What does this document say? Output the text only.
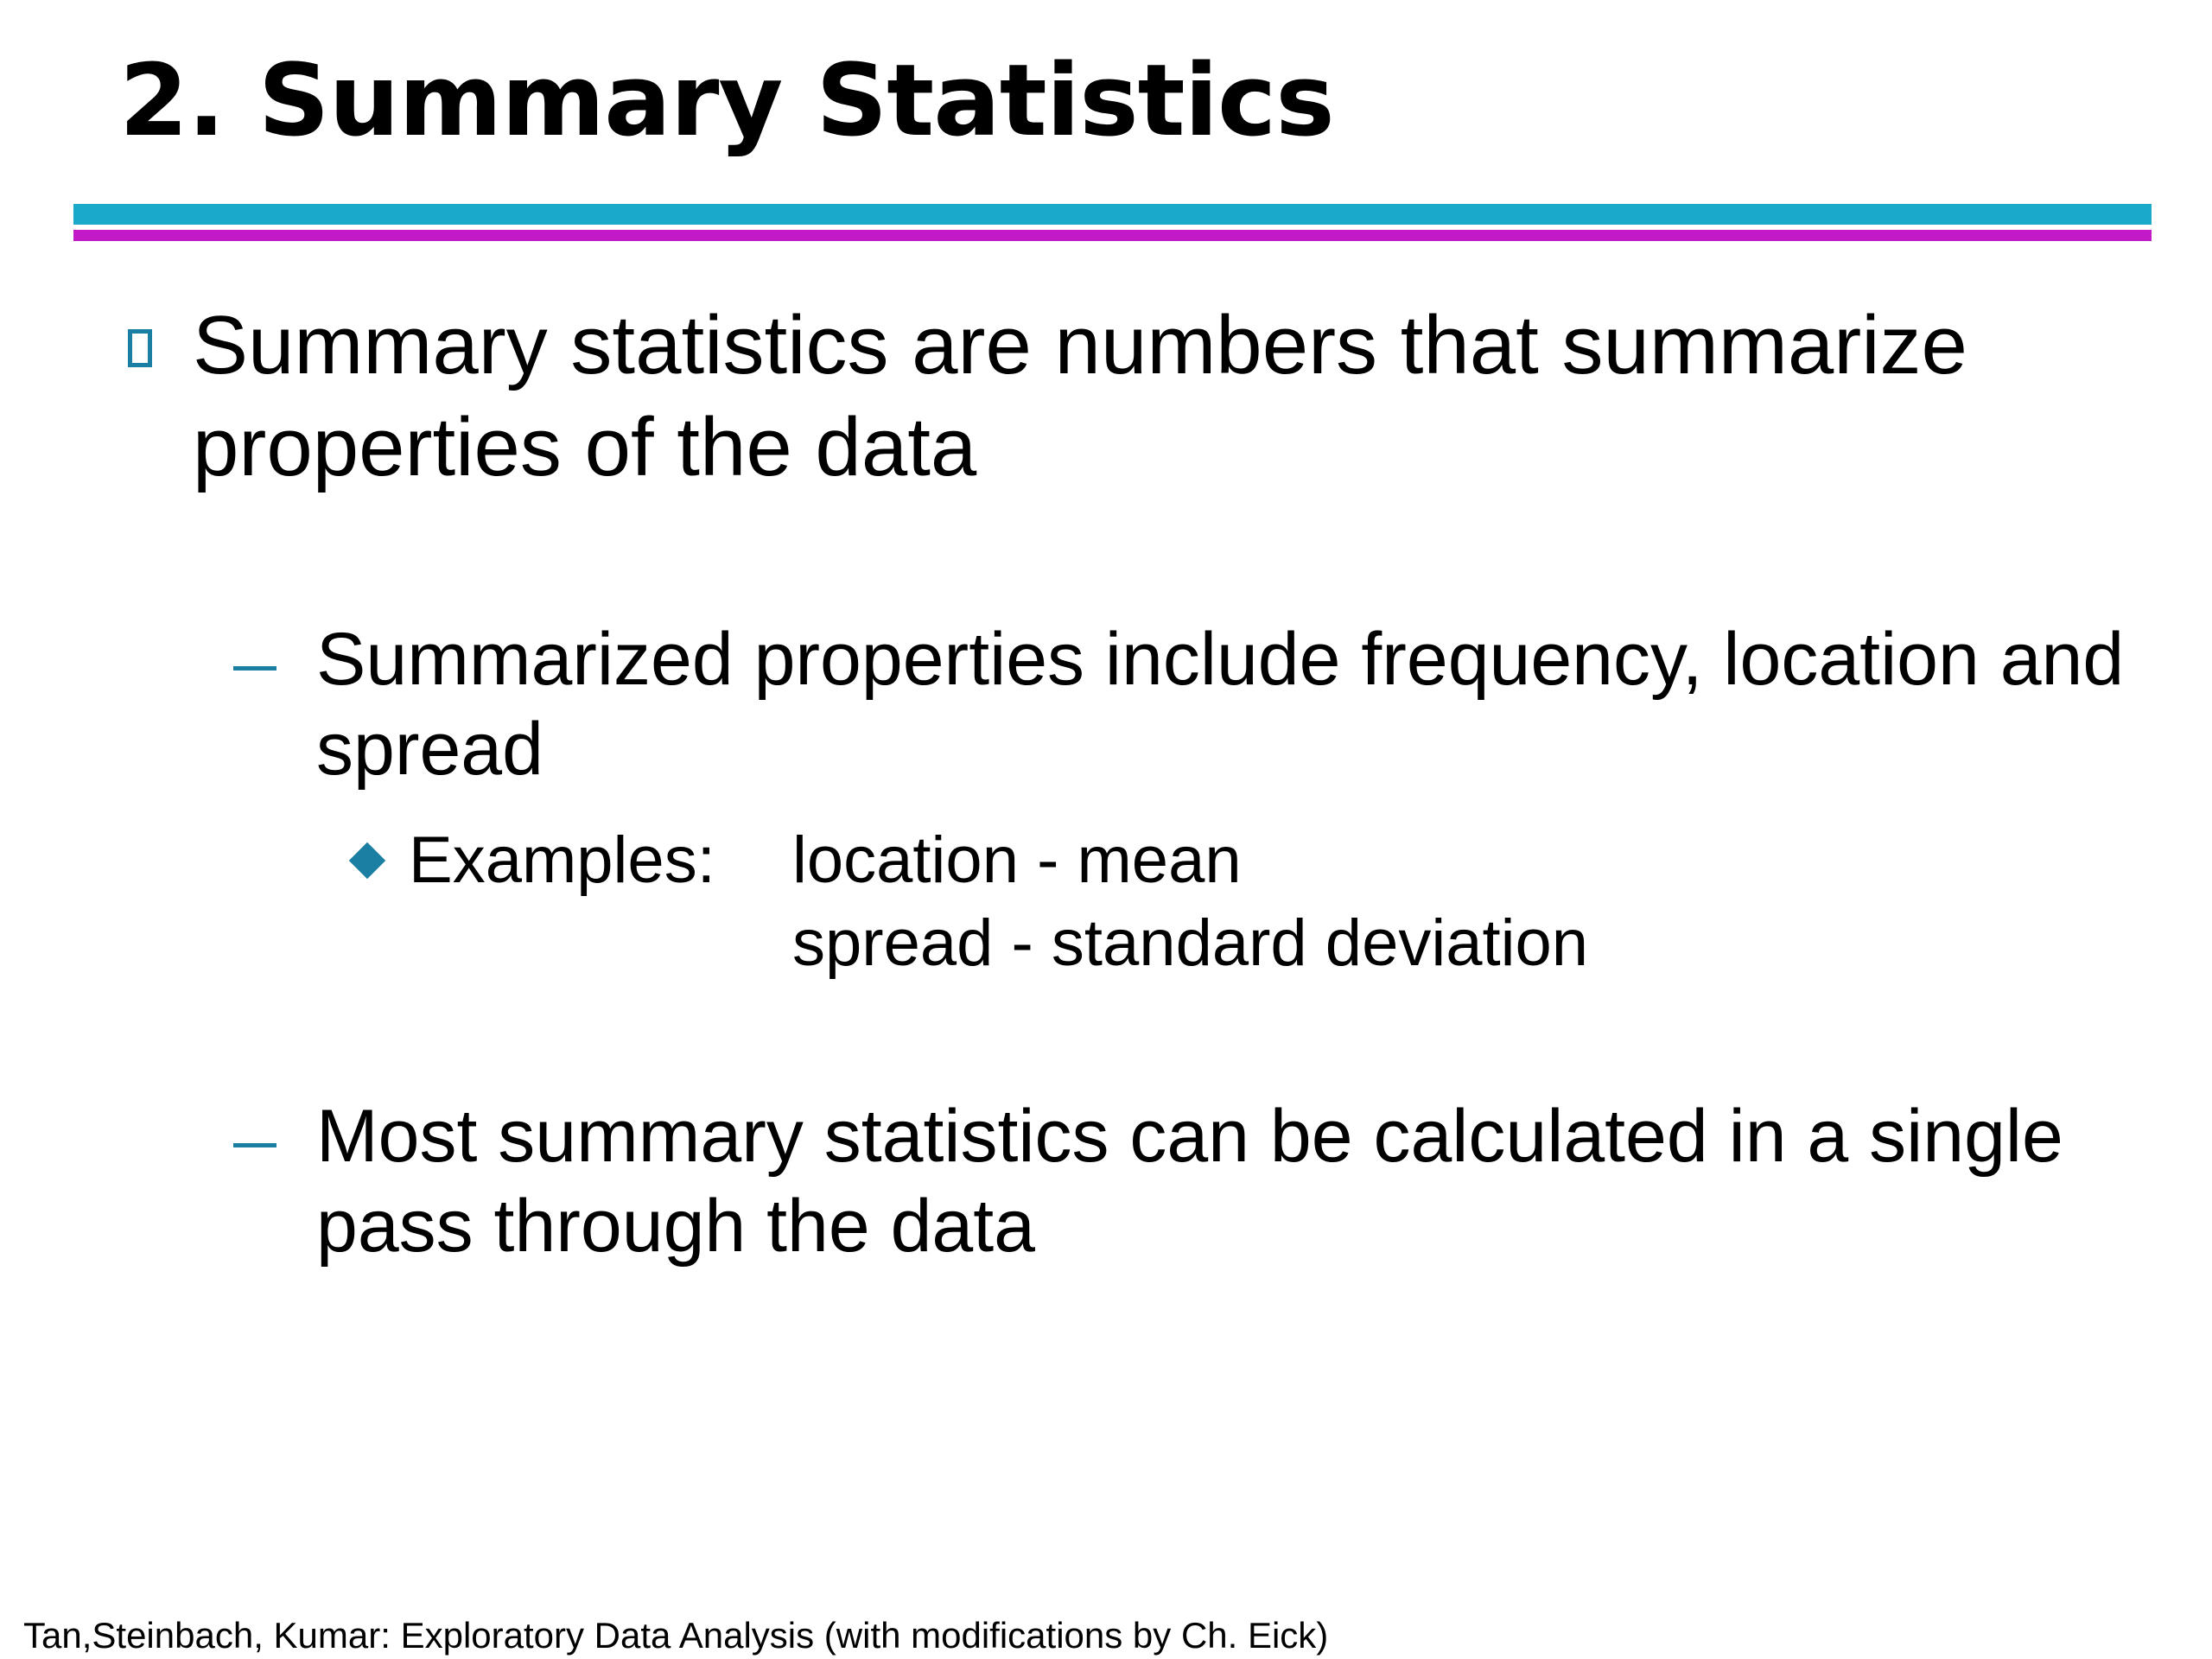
2. Summary Statistics

Summary statistics are numbers that summarize

properties of the data

Summarized properties include frequency, location and

spread

Examples: location - mean

spread - standard deviation

Most summary statistics can be calculated in a single

pass through the data

Tan,Steinbach, Kumar: Exploratory Data Analysis (with modifications by Ch. Eick)
